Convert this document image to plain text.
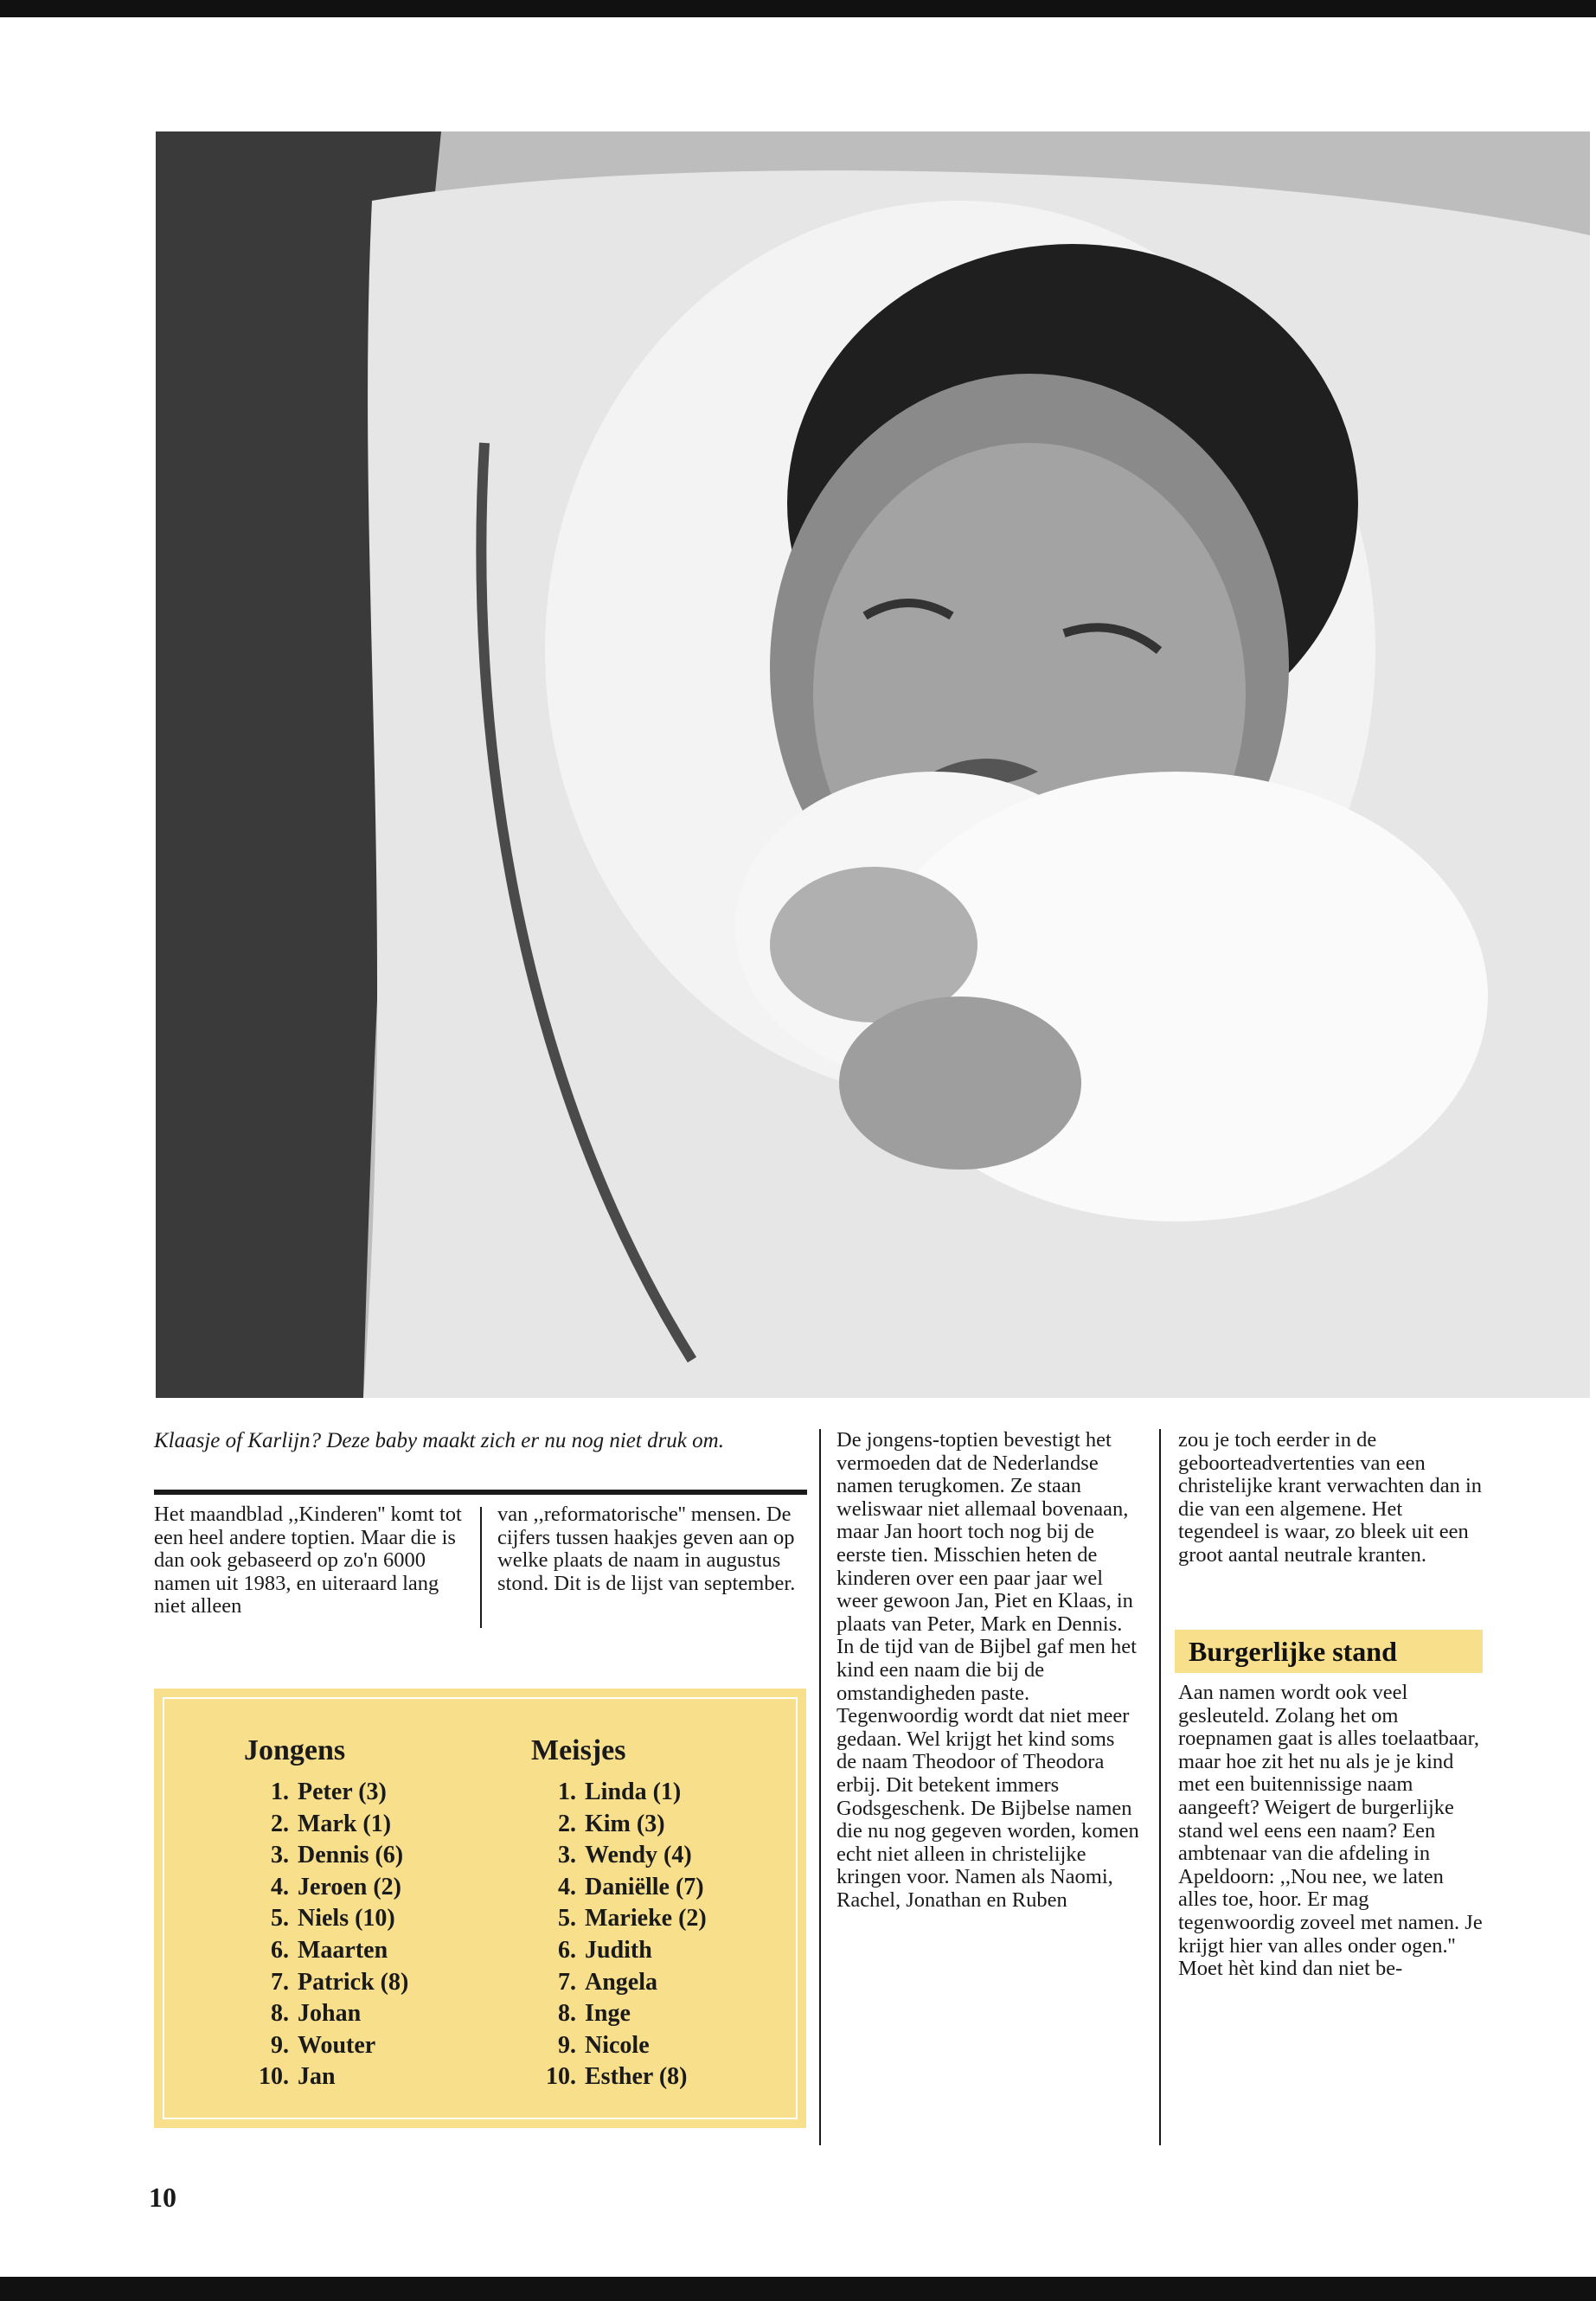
Klaasje of Karlijn? Deze baby maakt zich er nu nog niet druk om.

Het maandblad ,,Kinderen'' komt tot een heel andere toptien. Maar die is dan ook gebaseerd op zo'n 6000 namen uit 1983, en uiteraard lang niet alleen

van ,,reformatorische'' mensen. De cijfers tussen haakjes geven aan op welke plaats de naam in augustus stond. Dit is de lijst van september.

Jongens
1. Peter (3)
2. Mark (1)
3. Dennis (6)
4. Jeroen (2)
5. Niels (10)
6. Maarten
7. Patrick (8)
8. Johan
9. Wouter
10. Jan
Meisjes
1. Linda (1)
2. Kim (3)
3. Wendy (4)
4. Daniëlle (7)
5. Marieke (2)
6. Judith
7. Angela
8. Inge
9. Nicole
10. Esther (8)

De jongens-toptien bevestigt het vermoeden dat de Nederlandse namen terugkomen. Ze staan weliswaar niet allemaal bovenaan, maar Jan hoort toch nog bij de eerste tien. Misschien heten de kinderen over een paar jaar wel weer gewoon Jan, Piet en Klaas, in plaats van Peter, Mark en Dennis. In de tijd van de Bijbel gaf men het kind een naam die bij de omstandigheden paste. Tegenwoordig wordt dat niet meer gedaan. Wel krijgt het kind soms de naam Theodoor of Theodora erbij. Dit betekent immers Godsgeschenk. De Bijbelse namen die nu nog gegeven worden, komen echt niet alleen in christelijke kringen voor. Namen als Naomi, Rachel, Jonathan en Ruben

zou je toch eerder in de geboorteadvertenties van een christelijke krant verwachten dan in die van een algemene. Het tegendeel is waar, zo bleek uit een groot aantal neutrale kranten.

Burgerlijke stand

Aan namen wordt ook veel gesleuteld. Zolang het om roepnamen gaat is alles toelaatbaar, maar hoe zit het nu als je je kind met een buitennissige naam aangeeft? Weigert de burgerlijke stand wel eens een naam? Een ambtenaar van die afdeling in Apeldoorn: ,,Nou nee, we laten alles toe, hoor. Er mag tegenwoordig zoveel met namen. Je krijgt hier van alles onder ogen.''

Moet hèt kind dan niet be-

10
